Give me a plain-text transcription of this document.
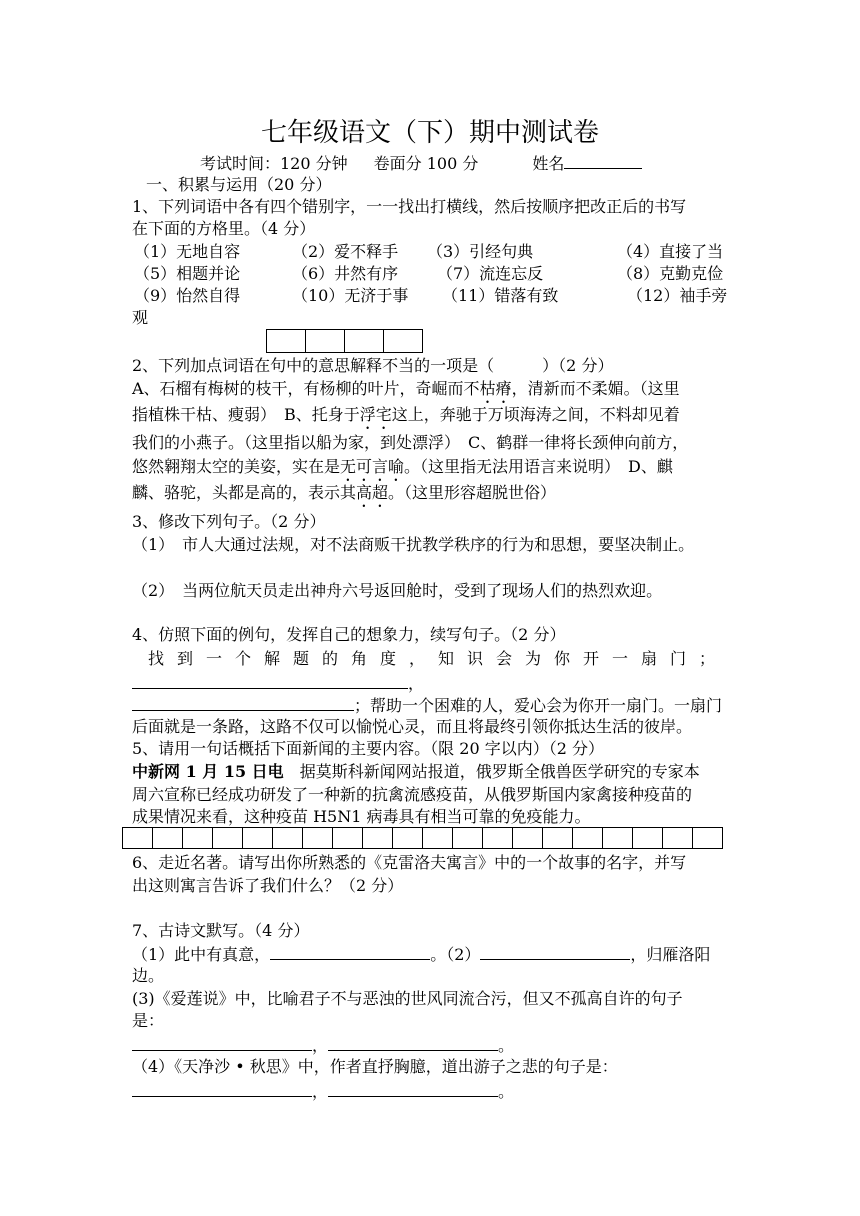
七年级语文（下）期中测试卷
考试时间：120 分钟 卷面分 100 分	姓名
一、积累与运用（20 分）
1、下列词语中各有四个错别字，一一找出打横线，然后按顺序把改正后的书写
在下面的方格里。（4 分）
（1）无地自容	（2）爱不释手 （3）引经句典	（4）直接了当
（5）相题并论	（6）井然有序 （7）流连忘反	（8）克勤克俭
（9）怡然自得	（10）无济于事 （11）错落有致	（12）袖手旁
观
2、下列加点词语在句中的意思解释不当的一项是（　　　）（2 分）
A、石榴有梅树的枝干，有杨柳的叶片，奇崛而不枯瘠，清新而不柔媚。（这里
指植株干枯、瘦弱）　B、托身于浮宅这上，奔驰于万顷海涛之间，不料却见着
我们的小燕子。（这里指以船为家，到处漂浮）　C、鹤群一律将长颈伸向前方，
悠然翱翔太空的美姿，实在是无可言喻。（这里指无法用语言来说明）　D、麒
麟、骆驼，头都是高的，表示其高超。（这里形容超脱世俗）
3、修改下列句子。（2 分）
（1）　市人大通过法规，对不法商贩干扰教学秩序的行为和思想，要坚决制止。
（2）　当两位航天员走出神舟六号返回舱时，受到了现场人们的热烈欢迎。
4、仿照下面的例句，发挥自己的想象力，续写句子。（2 分）
找到一个解题的角度，知识会为你开一扇门；
，
；帮助一个困难的人，爱心会为你开一扇门。一扇门
后面就是一条路，这路不仅可以愉悦心灵，而且将最终引领你抵达生活的彼岸。
5、请用一句话概括下面新闻的主要内容。（限 20 字以内）（2 分）
中新网 1 月 15 日电　据莫斯科新闻网站报道，俄罗斯全俄兽医学研究的专家本
周六宣称已经成功研发了一种新的抗禽流感疫苗，从俄罗斯国内家禽接种疫苗的
成果情况来看，这种疫苗 H5N1 病毒具有相当可靠的免疫能力。
6、走近名著。请写出你所熟悉的《克雷洛夫寓言》中的一个故事的名字，并写
出这则寓言告诉了我们什么？（2 分）
7、古诗文默写。（4 分）
（1）此中有真意，	。（2）	，归雁洛阳
边。
(3)《爱莲说》中，比喻君子不与恶浊的世风同流合污，但又不孤高自许的句子
是：
，	。
（4）《天净沙 • 秋思》中，作者直抒胸臆，道出游子之悲的句子是：
，	。
